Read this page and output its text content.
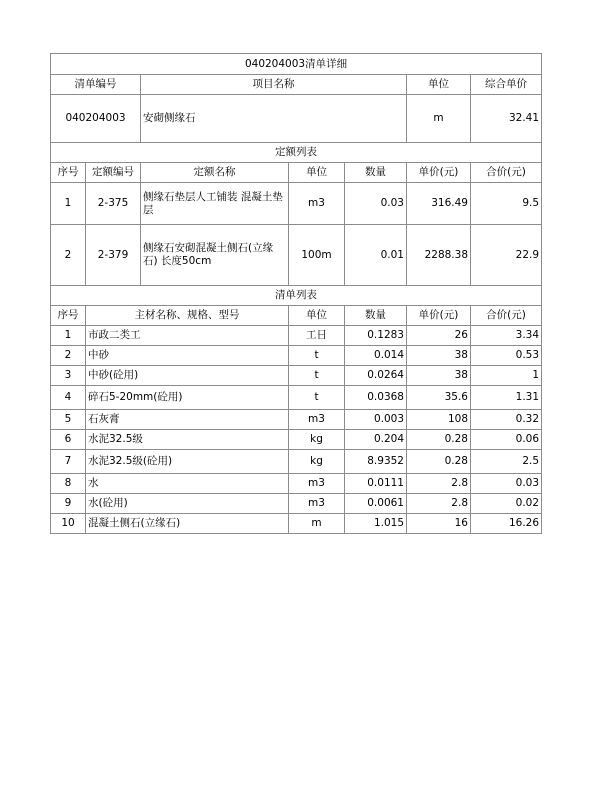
040204003清单详细						
清单编号		项目名称			单位	综合单价
040204003		安砌侧缘石			m	32.41
定额列表						
序号	定额编号	定额名称	单位	数量	单价(元)	合价(元)
1	2-375	侧缘石垫层人工铺装 混凝土垫层	m3	0.03	316.49	9.5
2	2-379	侧缘石安砌混凝土侧石(立缘石) 长度50cm	100m	0.01	2288.38	22.9
清单列表						
序号	主材名称、规格、型号		单位	数量	单价(元)	合价(元)
1	市政二类工		工日	0.1283	26	3.34
2	中砂		t	0.014	38	0.53
3	中砂(砼用)		t	0.0264	38	1
4	碎石5-20mm(砼用)		t	0.0368	35.6	1.31
5	石灰膏		m3	0.003	108	0.32
6	水泥32.5级		kg	0.204	0.28	0.06
7	水泥32.5级(砼用)		kg	8.9352	0.28	2.5
8	水		m3	0.0111	2.8	0.03
9	水(砼用)		m3	0.0061	2.8	0.02
10	混凝土侧石(立缘石)		m	1.015	16	16.26
